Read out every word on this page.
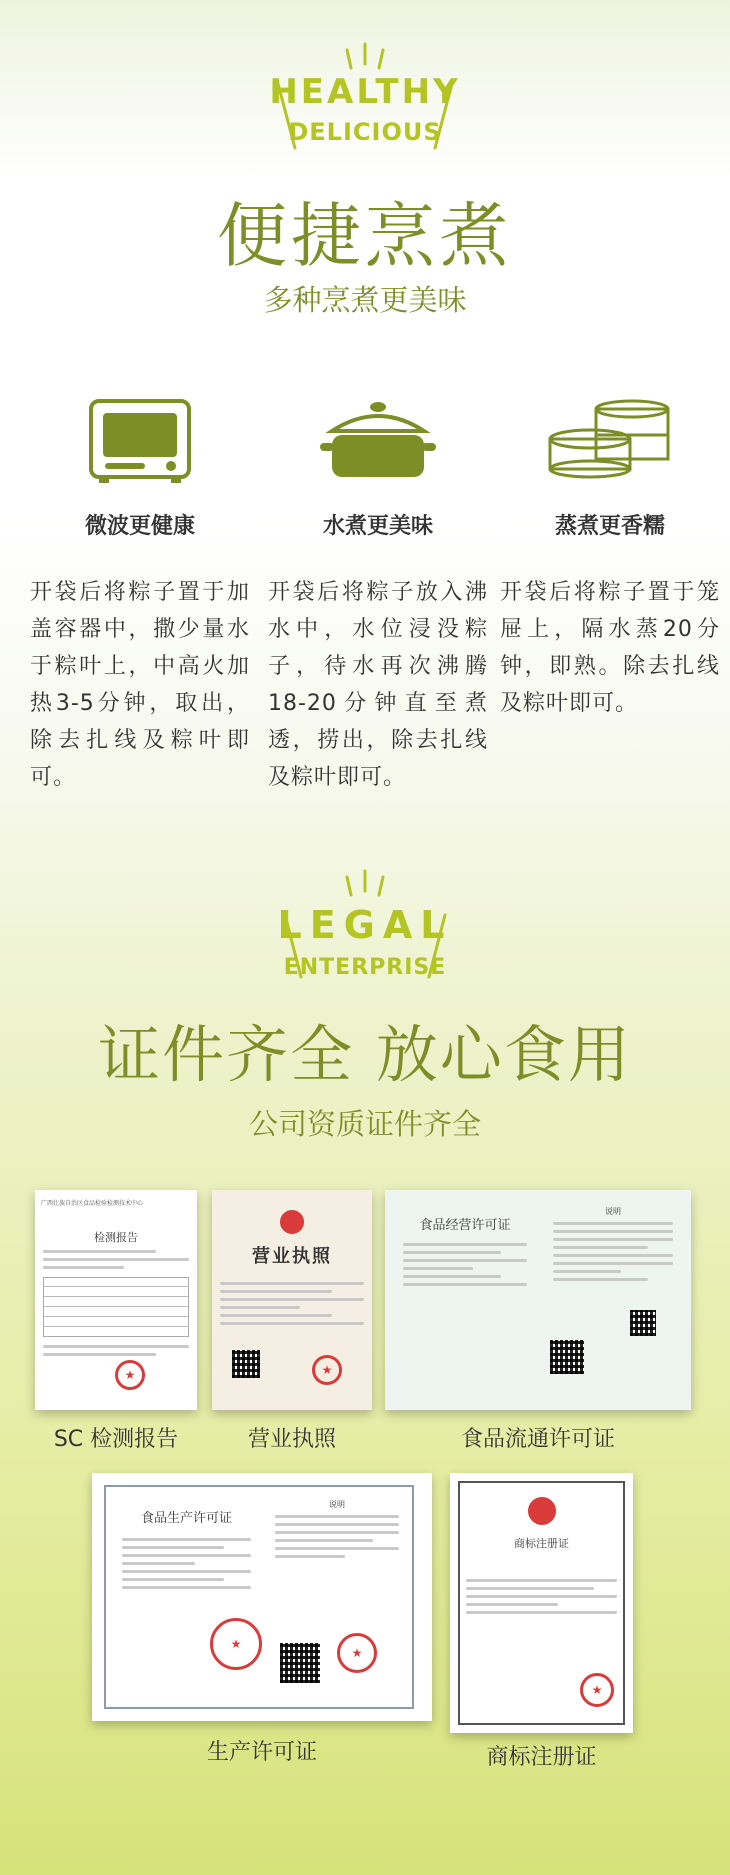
HEALTHY
DELICIOUS
便捷烹煮
多种烹煮更美味
微波更健康
开袋后将粽子置于加盖容器中，撒少量水于粽叶上，中高火加热3-5分钟，取出，除去扎线及粽叶即可。
水煮更美味
开袋后将粽子放入沸水中，水位浸没粽子，待水再次沸腾18-20分钟直至煮透，捞出，除去扎线及粽叶即可。
蒸煮更香糯
开袋后将粽子置于笼屉上，隔水蒸20分钟，即熟。除去扎线及粽叶即可。
LEGAL
ENTERPRISE
证件齐全 放心食用
公司资质证件齐全
广西壮族自治区食品检验检测技术中心
检测报告
★
SC 检测报告
★
营业执照
★
营业执照
食品经营许可证
说明
食品流通许可证
食品生产许可证
说明
★
★
生产许可证
★
商标注册证
★
商标注册证
